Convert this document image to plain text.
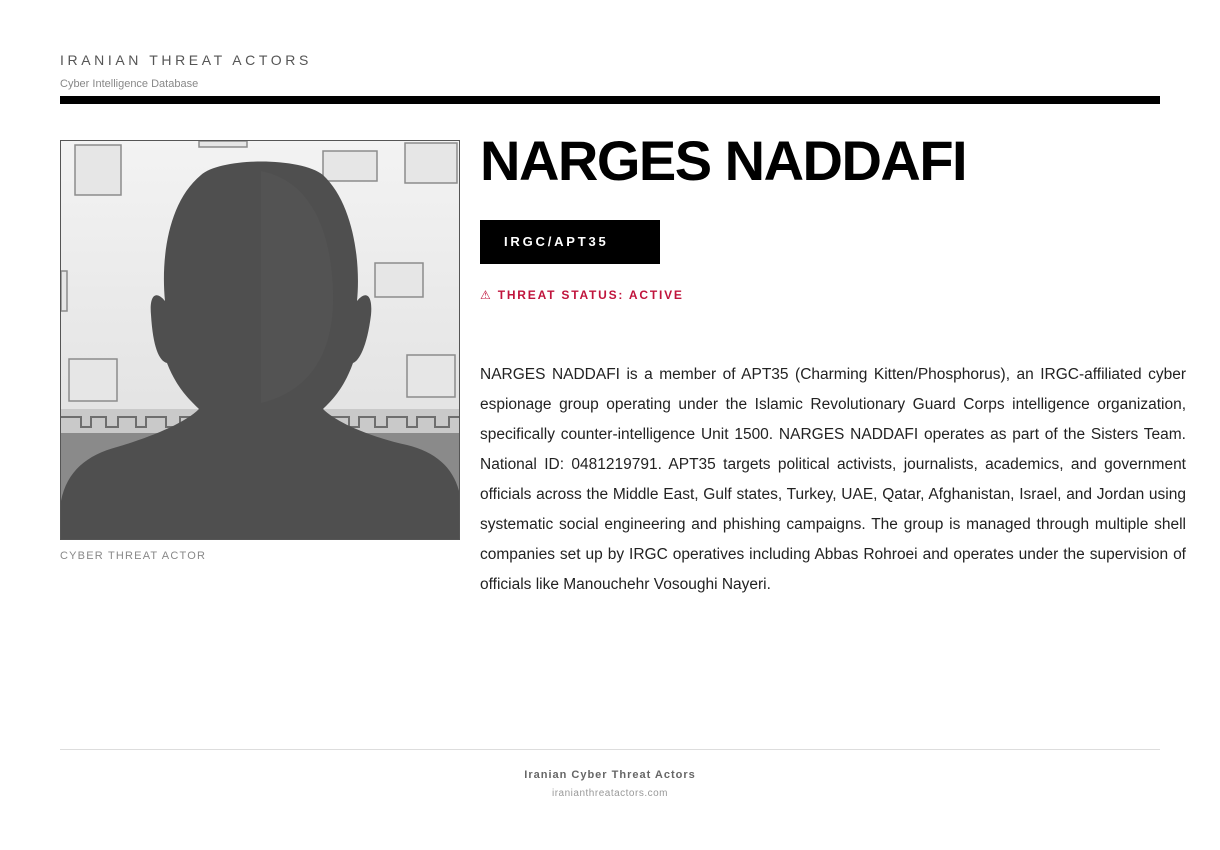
IRANIAN THREAT ACTORS
Cyber Intelligence Database
CYBER THREAT ACTOR
NARGES NADDAFI
IRGC/APT35
⚠ THREAT STATUS: ACTIVE

NARGES NADDAFI is a member of APT35 (Charming Kitten/Phosphorus), an IRGC-affiliated cyber espionage group operating under the Islamic Revolutionary Guard Corps intelligence organization, specifically counter-intelligence Unit 1500. NARGES NADDAFI operates as part of the Sisters Team. National ID: 0481219791. APT35 targets political activists, journalists, academics, and government officials across the Middle East, Gulf states, Turkey, UAE, Qatar, Afghanistan, Israel, and Jordan using systematic social engineering and phishing campaigns. The group is managed through multiple shell companies set up by IRGC operatives including Abbas Rohroei and operates under the supervision of officials like Manouchehr Vosoughi Nayeri.

Iranian Cyber Threat Actors
iranianthreatactors.com
